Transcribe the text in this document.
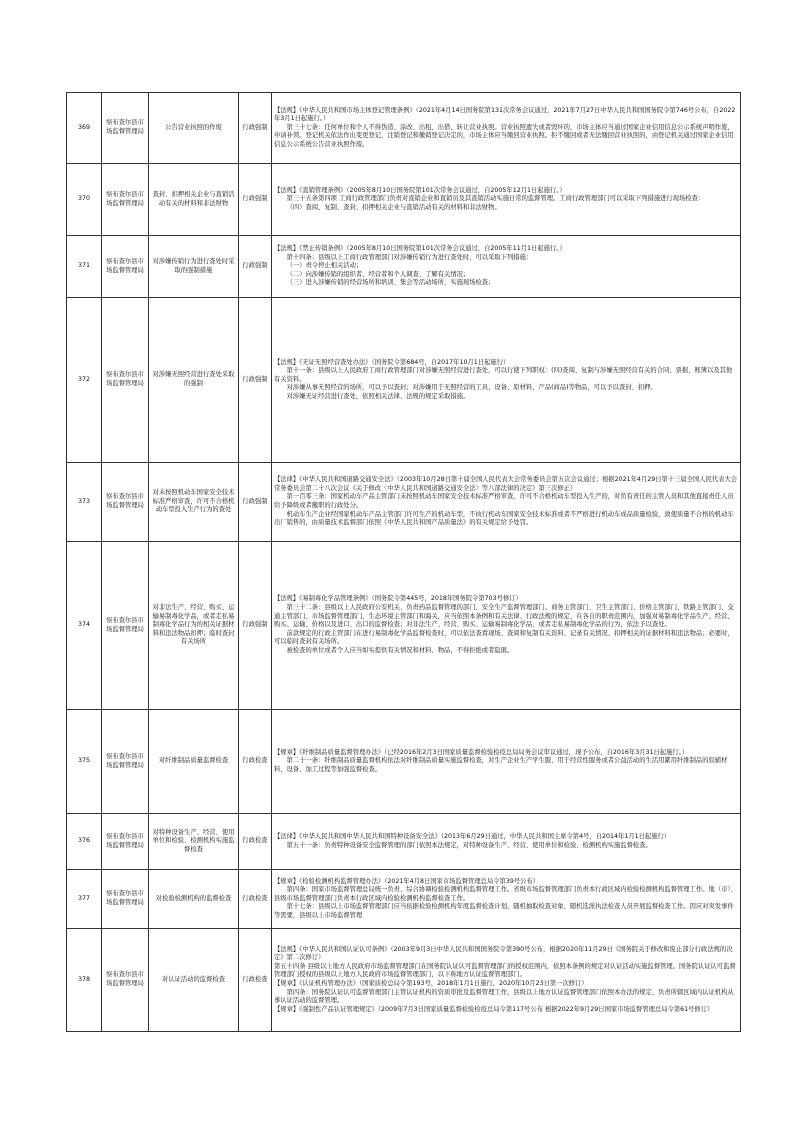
369	察布查尔县市场监督管理局	公告营业执照的作废	行政强制	【法规】《中华人民共和国市场主体登记管理条例》（2021年4月14日国务院第131次常务会议通过，2021年7月27日中华人民共和国国务院令第746号公布，自2022年3月1日起施行。）
第三十七条：任何单位和个人不得伪造、涂改、出租、出借、转让营业执照。营业执照遗失或者毁坏的，市场主体应当通过国家企业信用信息公示系统声明作废，申请补领。登记机关依法作出变更登记、注销登记和撤销登记决定的，市场主体应当缴回营业执照。拒不缴回或者无法缴回营业执照的，由登记机关通过国家企业信用信息公示系统公告营业执照作废。

370	察布查尔县市场监督管理局	查封、扣押相关企业与直销活动有关的材料和非法财物	行政强制	【法规】《直销管理条例》（2005年8月10日国务院第101次常务会议通过，自2005年12月1日起施行。）
第三十五条第四项 工商行政管理部门负责对直销企业和直销员及其直销活动实施日常的监督管理。工商行政管理部门可以采取下列措施进行现场检查：
（四）查阅、复制、查封、扣押相关企业与直销活动有关的材料和非法财物。

371	察布查尔县市场监督管理局	对涉嫌传销行为进行查处时采取的强制措施	行政强制	【法规】《禁止传销条例》（2005年8月10日国务院第101次常务会议通过，自2005年11月1日起施行。）
第十四条：县级以上工商行政管理部门对涉嫌传销行为进行查处时，可以采取下列措施：
（一）责令停止相关活动；
（二）向涉嫌传销的组织者、经营者和个人调查、了解有关情况；
（三）进入涉嫌传销的经营场所和培训、集会等活动场所，实施现场检查；

372	察布查尔县市场监督管理局	对涉嫌无照经营进行查处采取的强制	行政强制	【法规】《无证无照经营查处办法》（国务院令第684号，自2017年10月1日起施行）
第十一条：县级以上人民政府工商行政管理部门对涉嫌无照经营进行查处，可以行使下列职权：(四)查阅、复制与涉嫌无照经营有关的合同、票据、账簿以及其他有关资料。
对涉嫌从事无照经营的场所，可以予以查封；对涉嫌用于无照经营的工具、设备、原材料、产品(商品)等物品，可以予以查封、扣押。
对涉嫌无证经营进行查处，依照相关法律、法规的规定采取措施。

373	察布查尔县市场监督管理局	对未按照机动车国家安全技术标准严格审查，许可不合格机动车型投入生产行为的查处	行政强制	【法律】《中华人民共和国道路交通安全法》（2003年10月28日第十届全国人民代表大会常务委员会第五次会议通过；根据2021年4月29日第十三届全国人民代表大会常务委员会第二十八次会议《关于修改〈中华人民共和国道路交通安全法〉等八部法律的决定》第三次修正）
第一百零三条：国家机动车产品主管部门未按照机动车国家安全技术标准严格审查，许可不合格机动车型投入生产的，对负有责任的主管人员和其他直接责任人员给予降级或者撤职的行政处分。
机动车生产企业经国家机动车产品主管部门许可生产的机动车型，不执行机动车国家安全技术标准或者不严格进行机动车成品质量检验，致使质量不合格的机动车出厂销售的，由质量技术监督部门依照《中华人民共和国产品质量法》的有关规定给予处罚。

374	察布查尔县市场监督管理局	对非法生产、经营、购买、运输易制毒化学品，或者走私易制毒化学品行为的相关证据材料和违法物品扣押；临时查封有关场所	行政强制	【法规】《易制毒化学品管理条例》（国务院令第445号，2018年国务院令第703号修订）
第三十二条：县级以上人民政府公安机关、负责药品监督管理的部门、安全生产监督管理部门、商务主管部门、卫生主管部门、价格主管部门、铁路主管部门、交通主管部门、市场监督管理部门、生态环境主管部门和海关，应当依照本条例和有关法律、行政法规的规定，在各自的职责范围内，加强对易制毒化学品生产、经营、购买、运输、价格以及进口、出口的监督检查；对非法生产、经营、购买、运输易制毒化学品，或者走私易制毒化学品的行为，依法予以查处。
前款规定的行政主管部门在进行易制毒化学品监督检查时，可以依法查看现场、查阅和复制有关资料、记录有关情况、扣押相关的证据材料和违法物品；必要时，可以临时查封有关场所。
被检查的单位或者个人应当如实提供有关情况和材料、物品，不得拒绝或者隐匿。

375	察布查尔县市场监督管理局	对纤维制品质量监督检查	行政检查	【规章】《纤维制品质量监督管理办法》（已经2016年2月3日国家质量监督检验检疫总局局务会议审议通过，现予公布，自2016年3月31日起施行。）
第二十一条：纤维制品质量监督机构依法对纤维制品质量实施监督检查，对生产企业生产学生服、用于经营性服务或者公益活动的生活用絮用纤维制品的原辅材料、设备、加工过程等加强监督检查。

376	察布查尔县市场监督管理局	对特种设备生产、经营、使用单位和检验、检测机构实施监督检查	行政检查	【法律】《中华人民共和国中华人民共和国特种设备安全法》（2013年6月29日通过，中华人民共和国主席令第4号，自2014年1月1日起施行）
第五十一条：负责特种设备安全监督管理的部门依照本法规定，对特种设备生产、经营、使用单位和检验、检测机构实施监督检查。

377	察布查尔县市场监督管理局	对检验检测机构的监督检查	行政检查	【规章】《检验检测机构监督管理办法》（2021年4月8日国家市场监督管理总局令第39号公布）
第四条：国家市场监督管理总局统一负责、综合协调检验检测机构监督管理工作。省级市场监督管理部门负责本行政区域内检验检测机构监督管理工作。地（市）、县级市场监督管理部门负责本行政区域内检验检测机构监督检查工作。
第十七条：县级以上市场监督管理部门应当依据检验检测机构年度监督检查计划，随机抽取检查对象、随机选派执法检查人员开展监督检查工作。因应对突发事件等需要，县级以上市场监督管理

378	察布查尔县市场监督管理局	对认证活动的监督检查	行政检查	【法规】《中华人民共和国认证认可条例》（2003年9月3日中华人民共和国国务院令第390号公布，根据2020年11月29日《国务院关于修改和废止部分行政法规的决定》第二次修订）
第五十四条 县级以上地方人民政府市场监督管理部门在国务院认证认可监督管理部门的授权范围内，依照本条例的规定对认证活动实施监督管理。国务院认证认可监督管理部门授权的县级以上地方人民政府市场监督管理部门，以下称地方认证监督管理部门。
【规章】《认证机构管理办法》（国家质检总局令第193号，2018年1月1日施行，2020年10月23日第一次修订）
第四条：国务院认证认可监督管理部门主管认证机构的资质审批及监督管理工作，县级以上地方认证监督管理部门依照本办法的规定，负责所辖区域内认证机构从事认证活动的监督管理。
【规章】《强制性产品认证管理规定》（2009年7月3日国家质量监督检验检疫总局令第117号公布 根据2022年9月29日国家市场监督管理总局令第61号修订）
